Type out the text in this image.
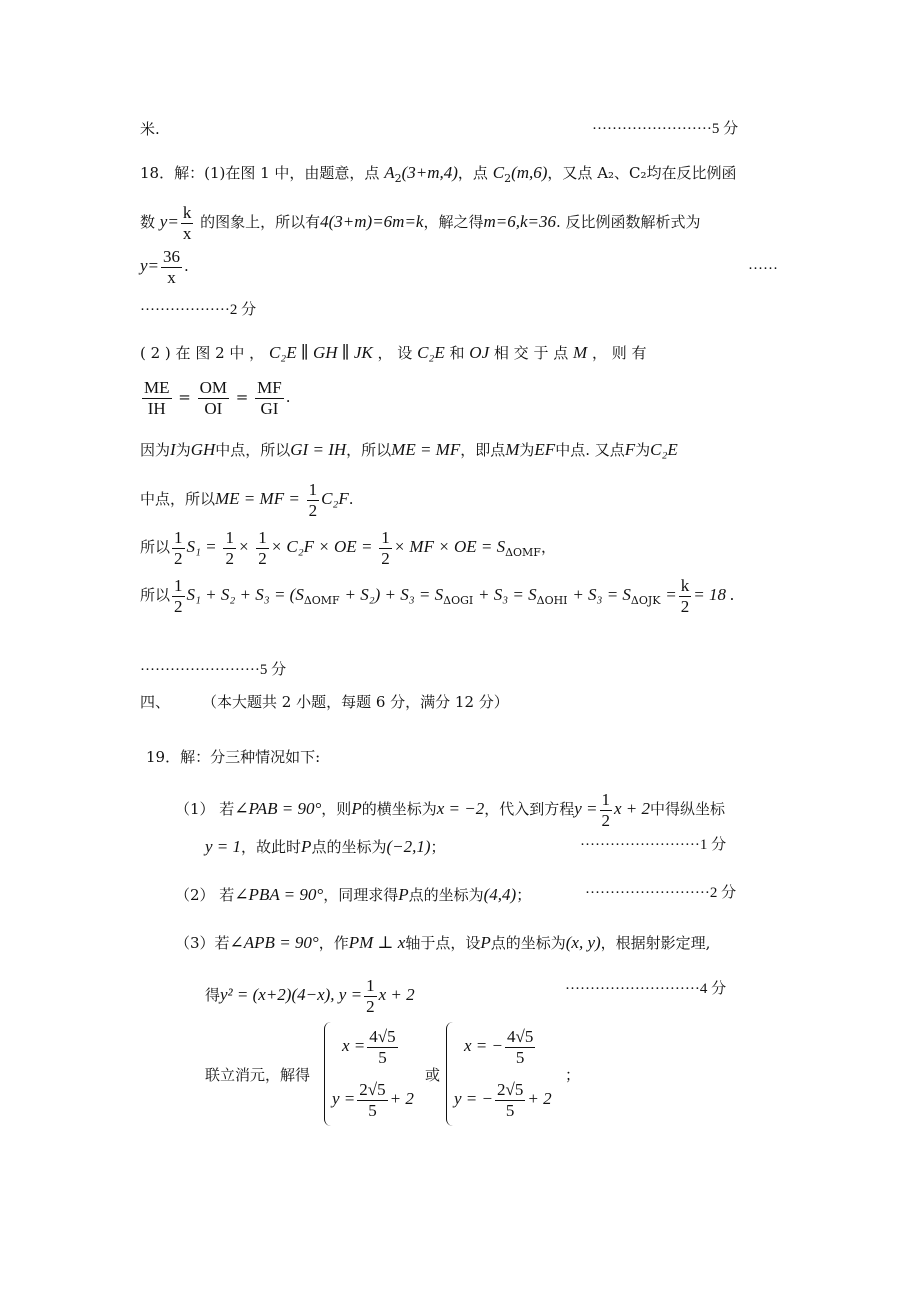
米.	························5 分
18．解：(1)在图 1 中，由题意，点 $A_2(3+m,4)$，点 $C_2(m,6)$，又点 A₂、C₂均在反比例函
数 $y= \frac{k}{x}$ 的图象上，所以有4(3+m)=6m=k，解之得m=6,k=36. 反比例函数解析式为
$y= \frac{36}{x}$ .	······
··················2 分
( 2 ) 在 图 2 中 ， C₂E ∥ GH ∥ JK ， 设 C₂E 和 OJ 相 交 于 点 M ， 则 有
$\frac{ME}{IH} = \frac{OM}{OI} = \frac{MF}{GI}$ .
因为I为GH中点，所以GI = IH，所以ME = MF，即点M为EF中点. 又点F为C₂E
中点，所以ME = MF = $\frac{1}{2} C_2F$.
所以 $\frac{1}{2} S_1 = \frac{1}{2} \times \frac{1}{2} \times C_2F$ × OE = $\frac{1}{2}$ × MF × OE = $S_{\Delta OMF}$，
所以 $\frac{1}{2} S_1 + S_2 + S_3 = (S_{\Delta OMF} + S_2) + S_3 = S_{\Delta OGI} + S_3 = S_{\Delta OHI} + S_3 = S_{\Delta OJK} = \frac{k}{2} = 18$ .
························5 分
四、 （本大题共 2 小题，每题 6 分，满分 12 分）
19．解：分三种情况如下:
（1） 若∠PAB = 90°，则P的横坐标为x = −2，代入到方程$y = \frac{1}{2}$ x + 2中得纵坐标
y = 1，故此时P点的坐标为(−2,1)；	························1 分
（2） 若∠PBA = 90°，同理求得P点的坐标为(4,4)；	·························2 分
（3）若∠APB = 90°，作PM ⊥ x轴于点，设P点的坐标为(x, y)，根据射影定理,
得y² = (x+2)(4−x), $y = \frac{1}{2}$ x + 2	···························4 分
联立消元，解得
$x = \frac{4√5}{5}$
$y = \frac{2√5}{5} + 2$
或
x = − $\frac{4√5}{5}$
y = − $\frac{2√5}{5} + 2$
；
